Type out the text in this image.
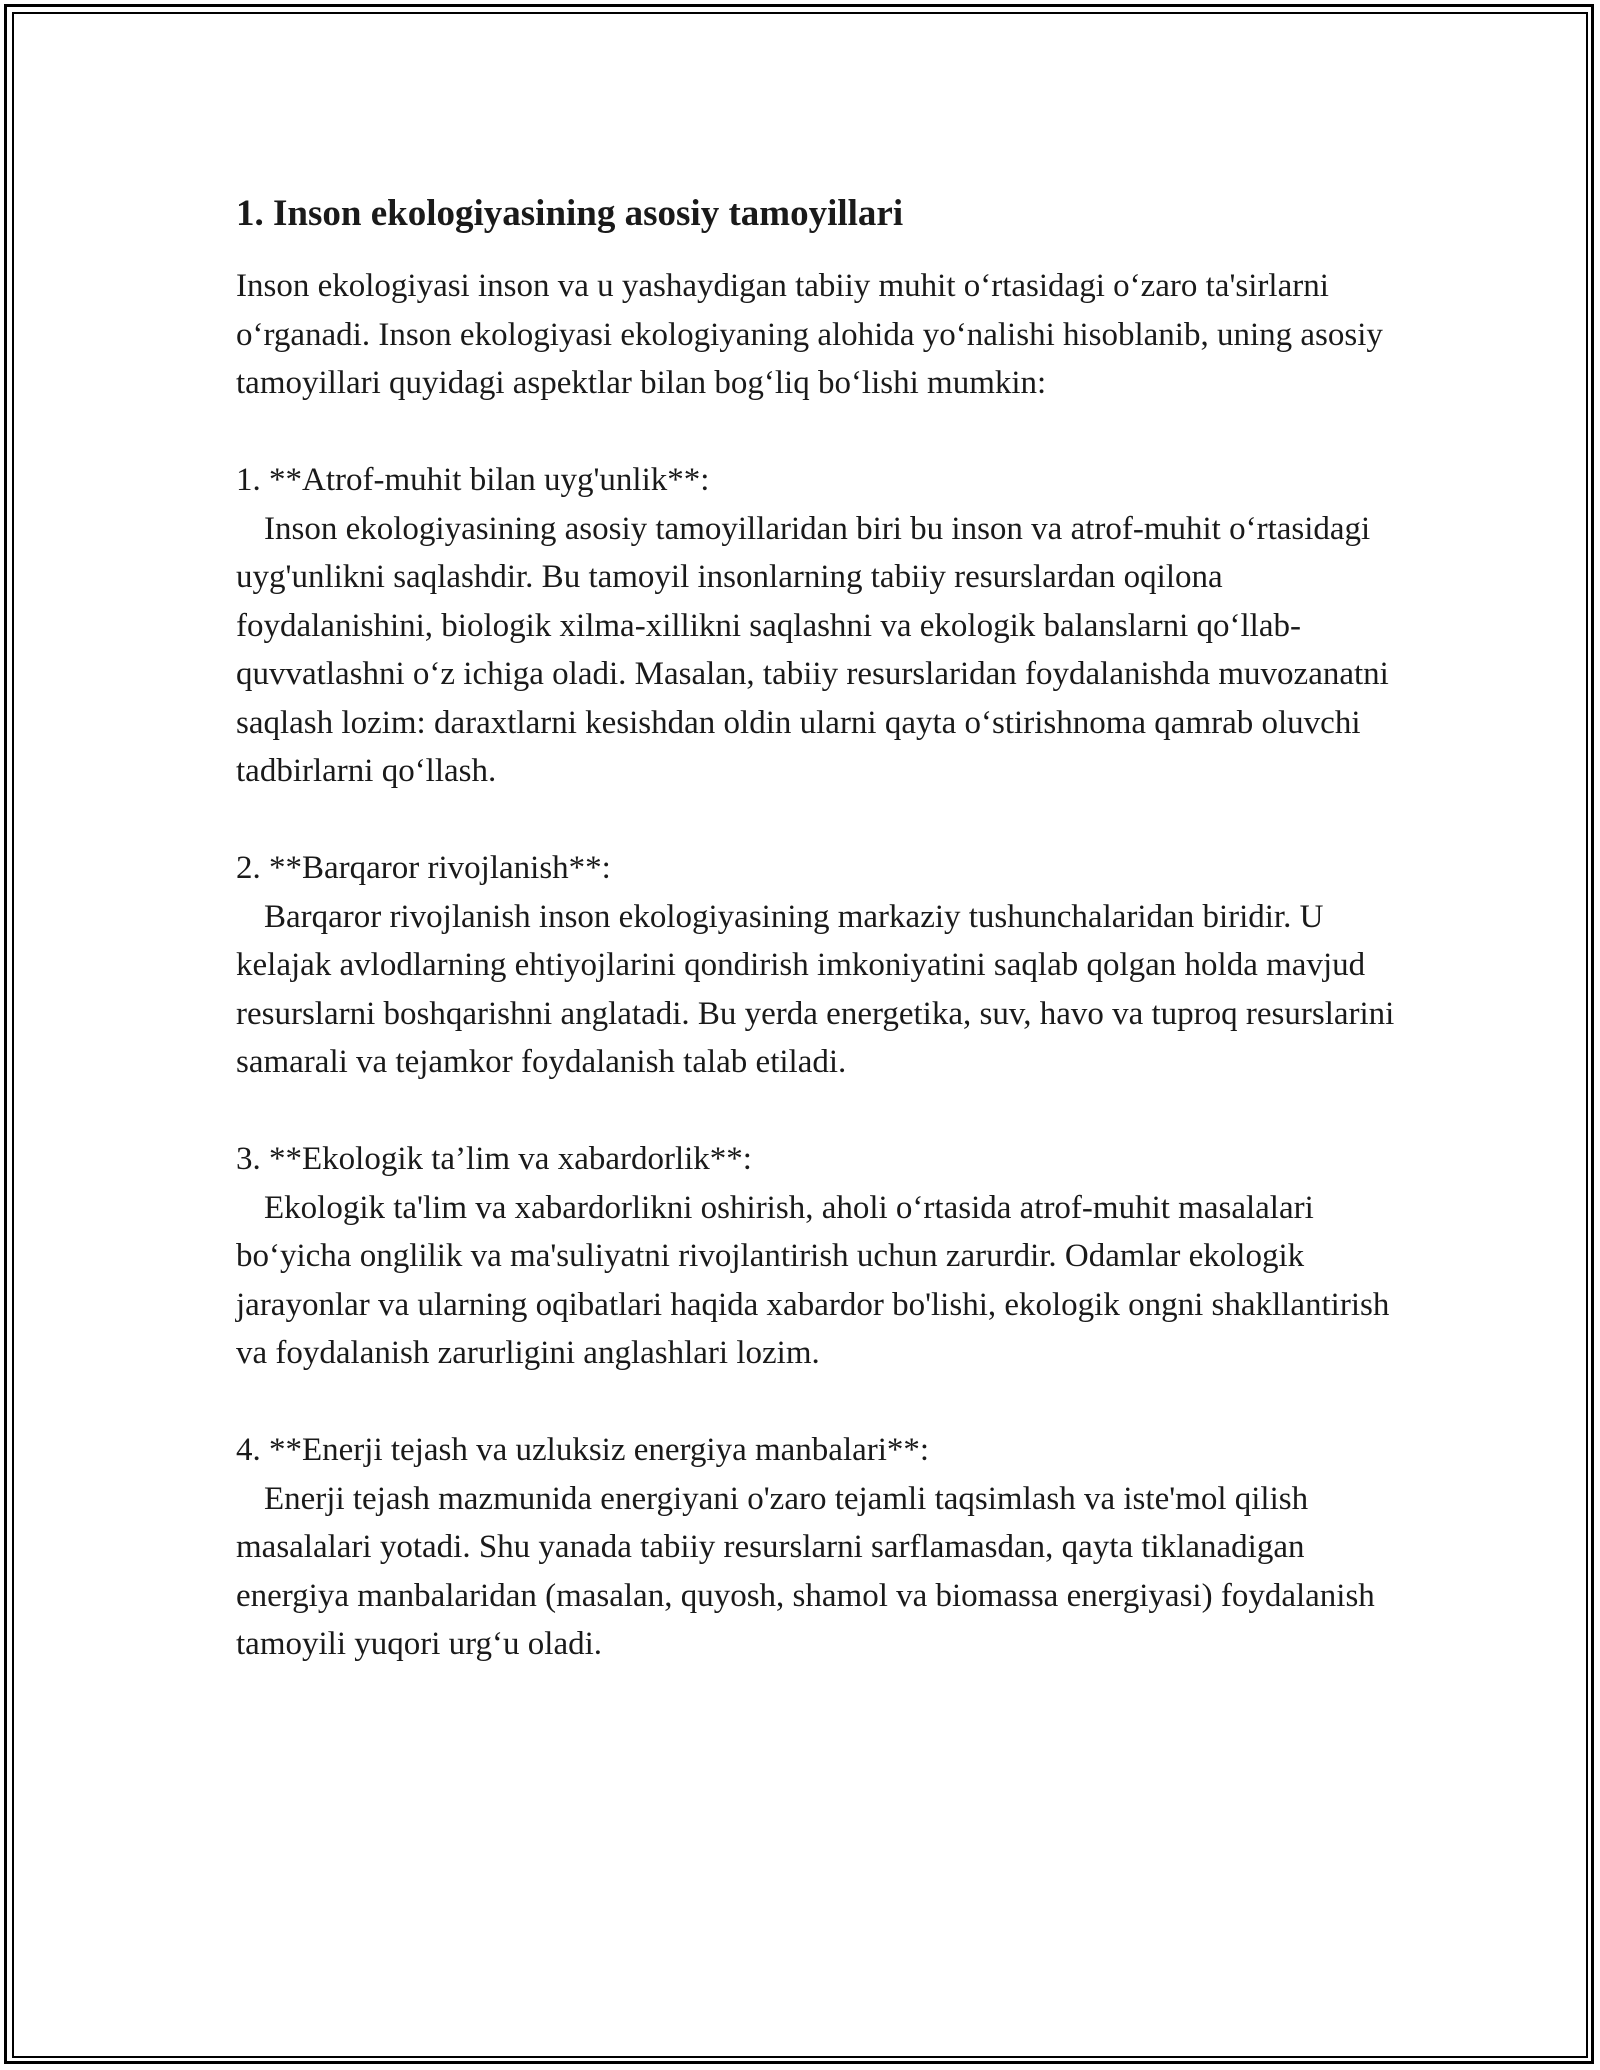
1. Inson ekologiyasining asosiy tamoyillari

Inson ekologiyasi inson va u yashaydigan tabiiy muhit o‘rtasidagi o‘zaro ta'sirlarni o‘rganadi. Inson ekologiyasi ekologiyaning alohida yo‘nalishi hisoblanib, uning asosiy tamoyillari quyidagi aspektlar bilan bog‘liq bo‘lishi mumkin:

1. **Atrof-muhit bilan uyg'unlik**:

Inson ekologiyasining asosiy tamoyillaridan biri bu inson va atrof-muhit o‘rtasidagi uyg'unlikni saqlashdir. Bu tamoyil insonlarning tabiiy resurslardan oqilona foydalanishini, biologik xilma-xillikni saqlashni va ekologik balanslarni qo‘llab-quvvatlashni o‘z ichiga oladi. Masalan, tabiiy resurslaridan foydalanishda muvozanatni saqlash lozim: daraxtlarni kesishdan oldin ularni qayta o‘stirishnoma qamrab oluvchi tadbirlarni qo‘llash.

2. **Barqaror rivojlanish**:

Barqaror rivojlanish inson ekologiyasining markaziy tushunchalaridan biridir. U kelajak avlodlarning ehtiyojlarini qondirish imkoniyatini saqlab qolgan holda mavjud resurslarni boshqarishni anglatadi. Bu yerda energetika, suv, havo va tuproq resurslarini samarali va tejamkor foydalanish talab etiladi.

3. **Ekologik ta’lim va xabardorlik**:

Ekologik ta'lim va xabardorlikni oshirish, aholi o‘rtasida atrof-muhit masalalari bo‘yicha onglilik va ma'suliyatni rivojlantirish uchun zarurdir. Odamlar ekologik jarayonlar va ularning oqibatlari haqida xabardor bo'lishi, ekologik ongni shakllantirish va foydalanish zarurligini anglashlari lozim.

4. **Enerji tejash va uzluksiz energiya manbalari**:

Enerji tejash mazmunida energiyani o'zaro tejamli taqsimlash va iste'mol qilish masalalari yotadi. Shu yanada tabiiy resurslarni sarflamasdan, qayta tiklanadigan energiya manbalaridan (masalan, quyosh, shamol va biomassa energiyasi) foydalanish tamoyili yuqori urg‘u oladi.
